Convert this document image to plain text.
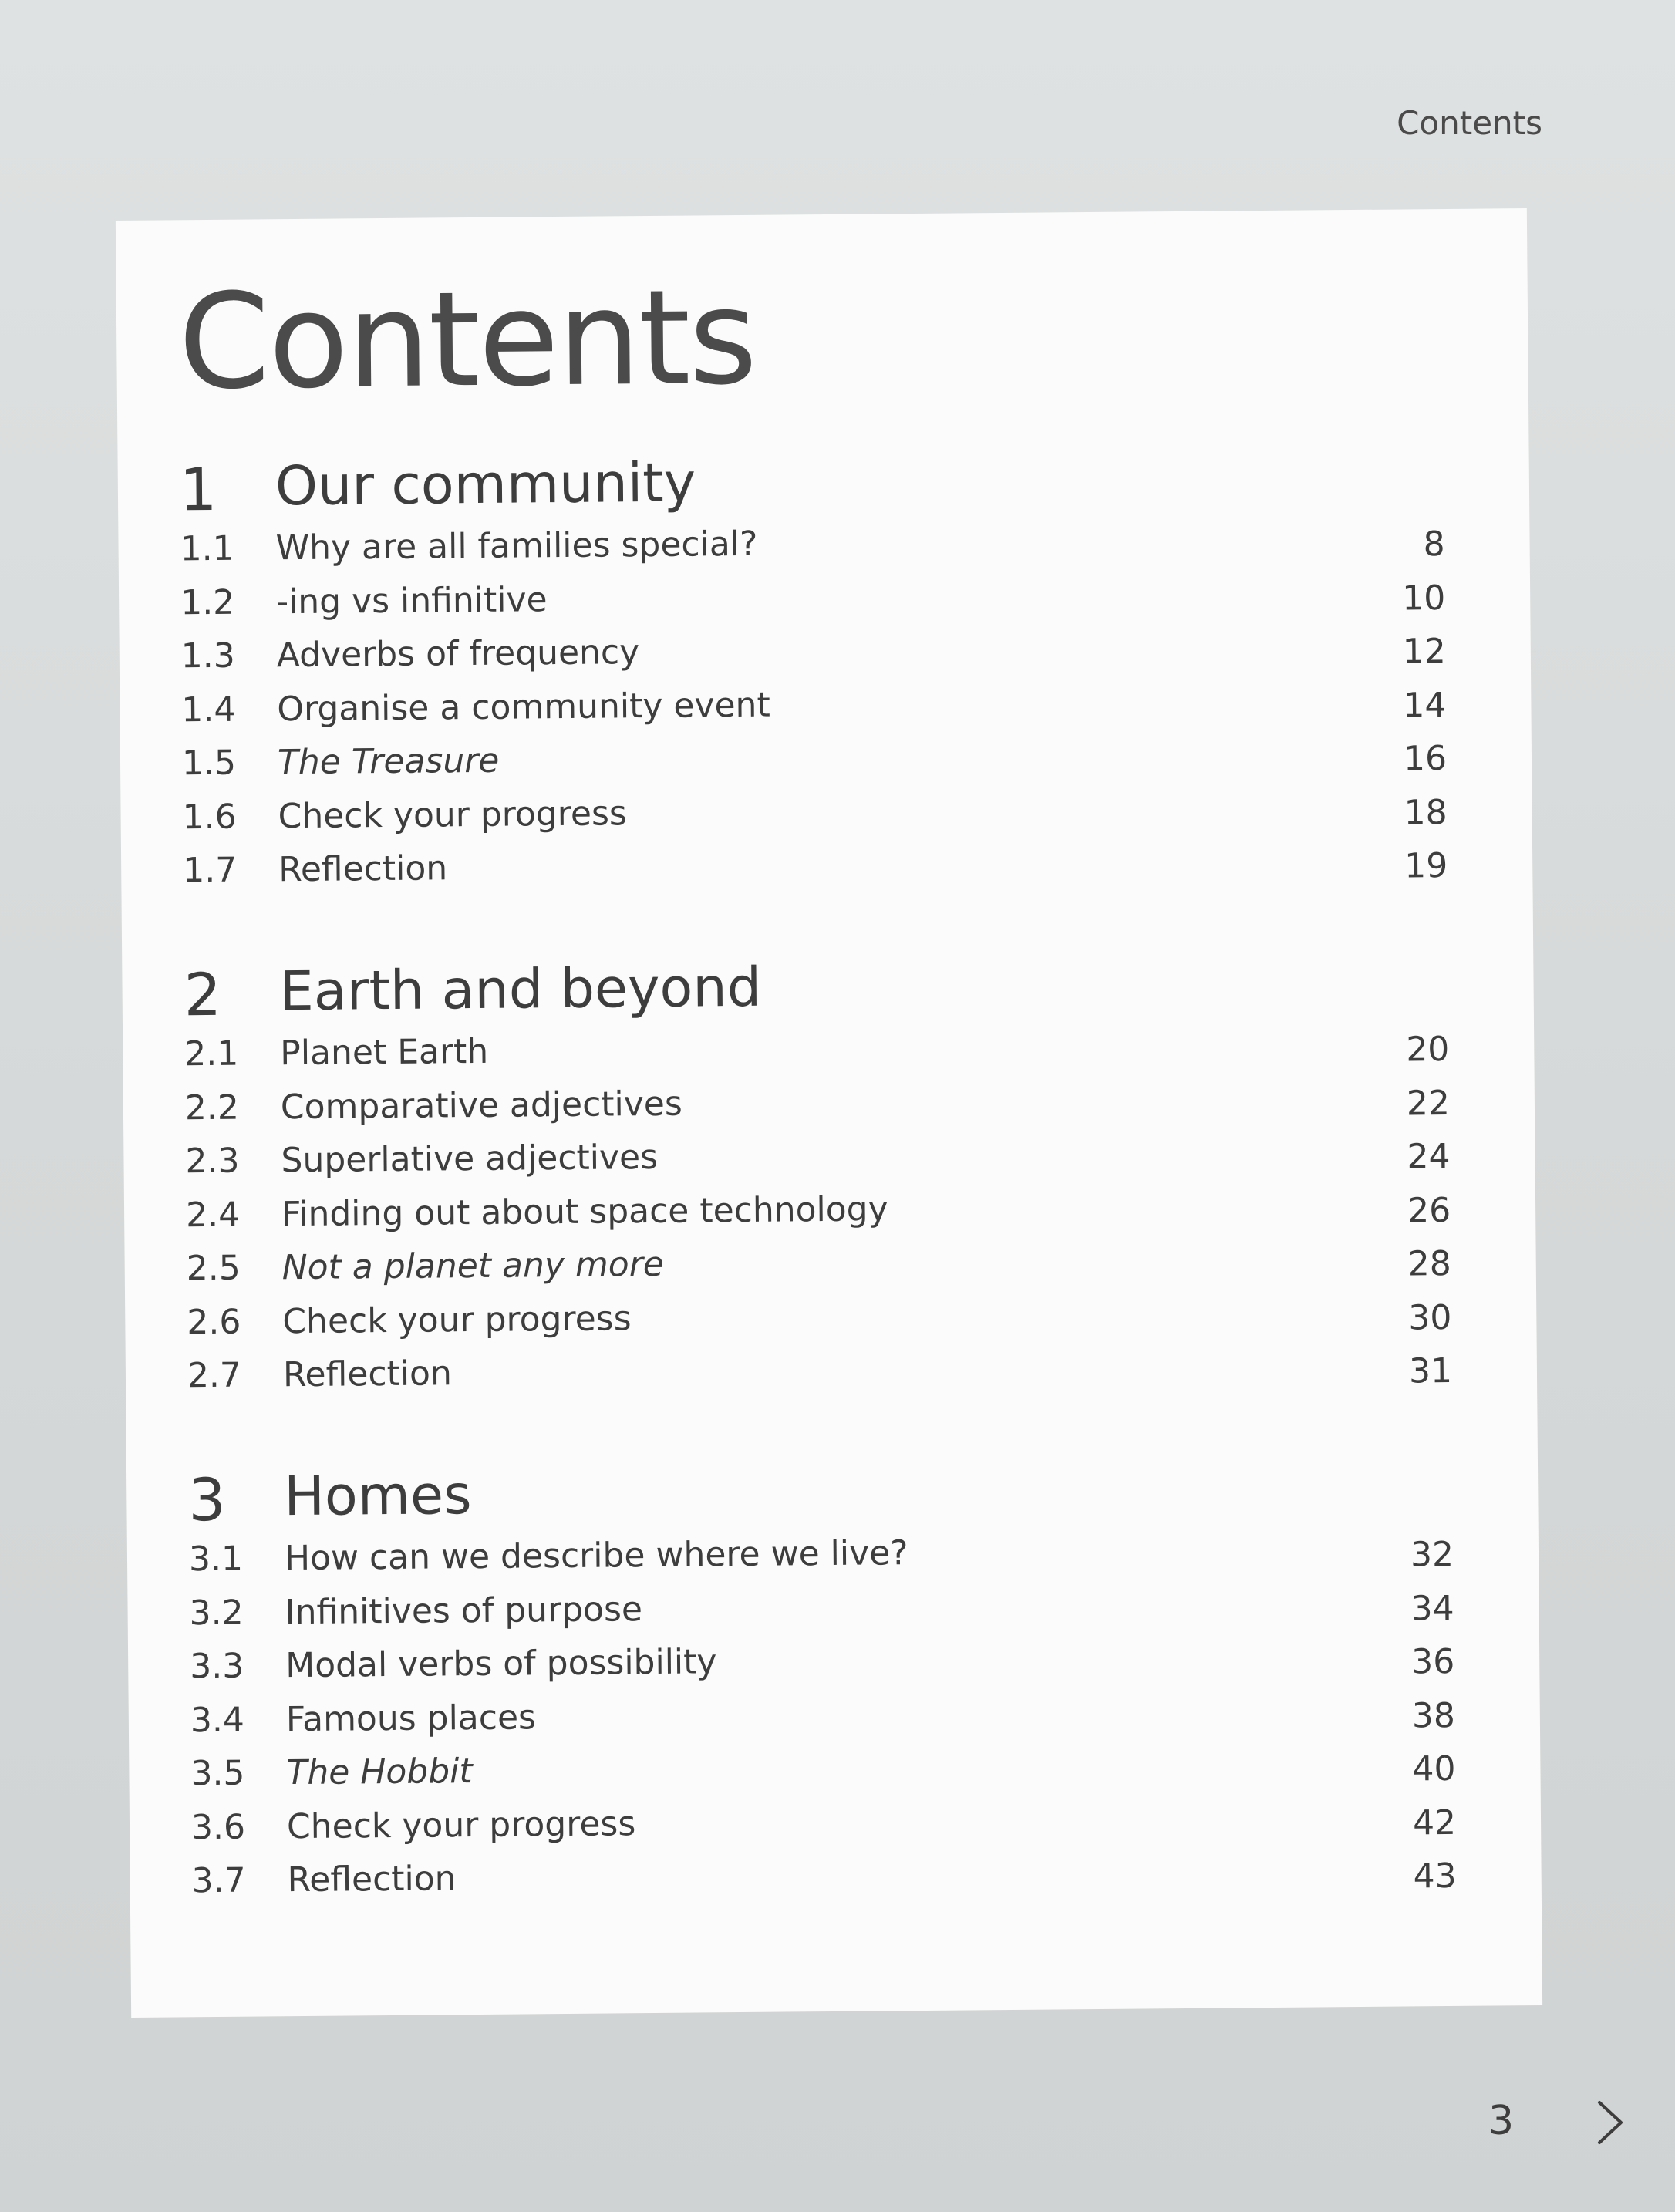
Contents
Contents
1 Our community
1.1 Why are all families special?	8
1.2 -ing vs infinitive	10
1.3 Adverbs of frequency	12
1.4 Organise a community event	14
1.5 The Treasure	16
1.6 Check your progress	18
1.7 Reflection	19
2 Earth and beyond
2.1 Planet Earth	20
2.2 Comparative adjectives	22
2.3 Superlative adjectives	24
2.4 Finding out about space technology	26
2.5 Not a planet any more	28
2.6 Check your progress	30
2.7 Reflection	31
3 Homes
3.1 How can we describe where we live?	32
3.2 Infinitives of purpose	34
3.3 Modal verbs of possibility	36
3.4 Famous places	38
3.5 The Hobbit	40
3.6 Check your progress	42
3.7 Reflection	43
3
